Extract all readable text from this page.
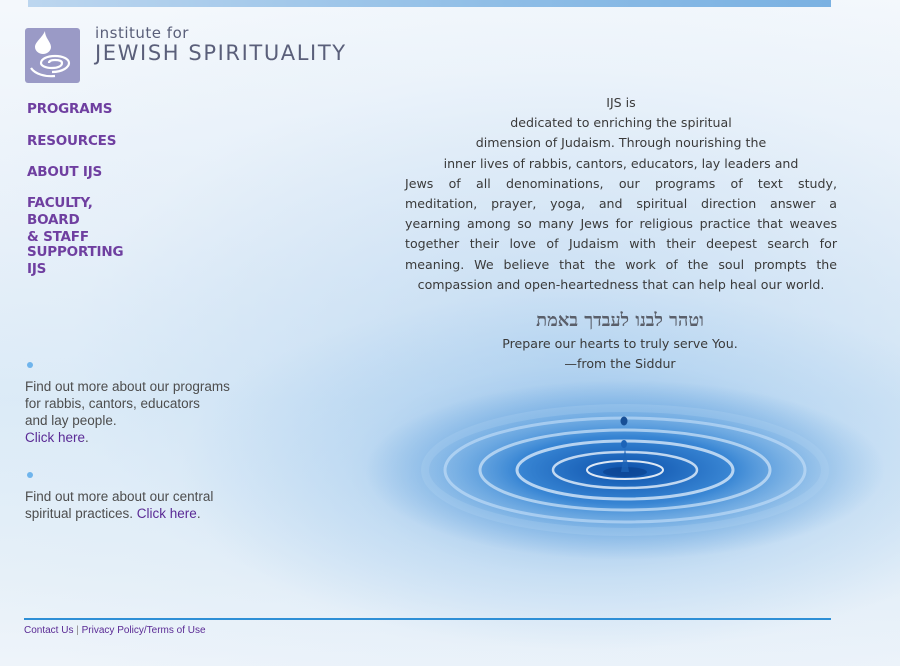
institute for
JEWISH SPIRITUALITY
PROGRAMS
RESOURCES
ABOUT IJS
FACULTY, BOARD
& STAFF
SUPPORTING
IJS
Find out more about our programs
for rabbis, cantors, educators
and lay people.
Click here.
Find out more about our central
spiritual practices. Click here.
IJS is
dedicated to enriching the spiritual
dimension of Judaism. Through nourishing the
inner lives of rabbis, cantors, educators, lay leaders and
Jews of all denominations, our programs of text study,
meditation, prayer, yoga, and spiritual direction answer a
yearning among so many Jews for religious practice that weaves
together their love of Judaism with their deepest search for
meaning. We believe that the work of the soul prompts the
compassion and open-heartedness that can help heal our world.
וטהר לבנו לעבדך באמת
Prepare our hearts to truly serve You.
—from the Siddur
Contact Us | Privacy Policy/Terms of Use
